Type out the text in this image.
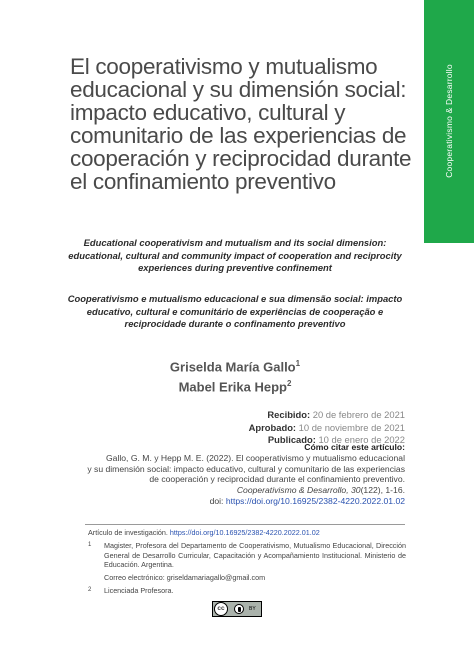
Cooperativismo & Desarrollo
El cooperativismo y mutualismo educacional y su dimensión social: impacto educativo, cultural y comunitario de las experiencias de cooperación y reciprocidad durante el confinamiento preventivo

Educational cooperativism and mutualism and its social dimension: educational, cultural and community impact of cooperation and reciprocity experiences during preventive confinement

Cooperativismo e mutualismo educacional e sua dimensão social: impacto educativo, cultural e comunitário de experiências de cooperação e reciprocidade durante o confinamento preventivo

Griselda María Gallo$^1$
Mabel Erika Hepp$^2$
Recibido: 20 de febrero de 2021
Aprobado: 10 de noviembre de 2021
Publicado: 10 de enero de 2022
Cómo citar este artículo:
Gallo, G. M. y Hepp M. E. (2022). El cooperativismo y mutualismo educacional
y su dimensión social: impacto educativo, cultural y comunitario de las experiencias
de cooperación y reciprocidad durante el confinamiento preventivo.
Cooperativismo & Desarrollo, 30(122), 1-16.
doi: https://doi.org/10.16925/2382-4220.2022.01.02
Artículo de investigación. https://doi.org/10.16925/2382-4220.2022.01.02
1	Magister, Profesora del Departamento de Cooperativismo, Mutualismo Educacional, Dirección General de Desarrollo Curricular, Capacitación y Acompañamiento Institucional. Ministerio de Educación. Argentina.
Correo electrónico: griseldamariagallo@gmail.com
2	Licenciada Profesora.
cc	BY
